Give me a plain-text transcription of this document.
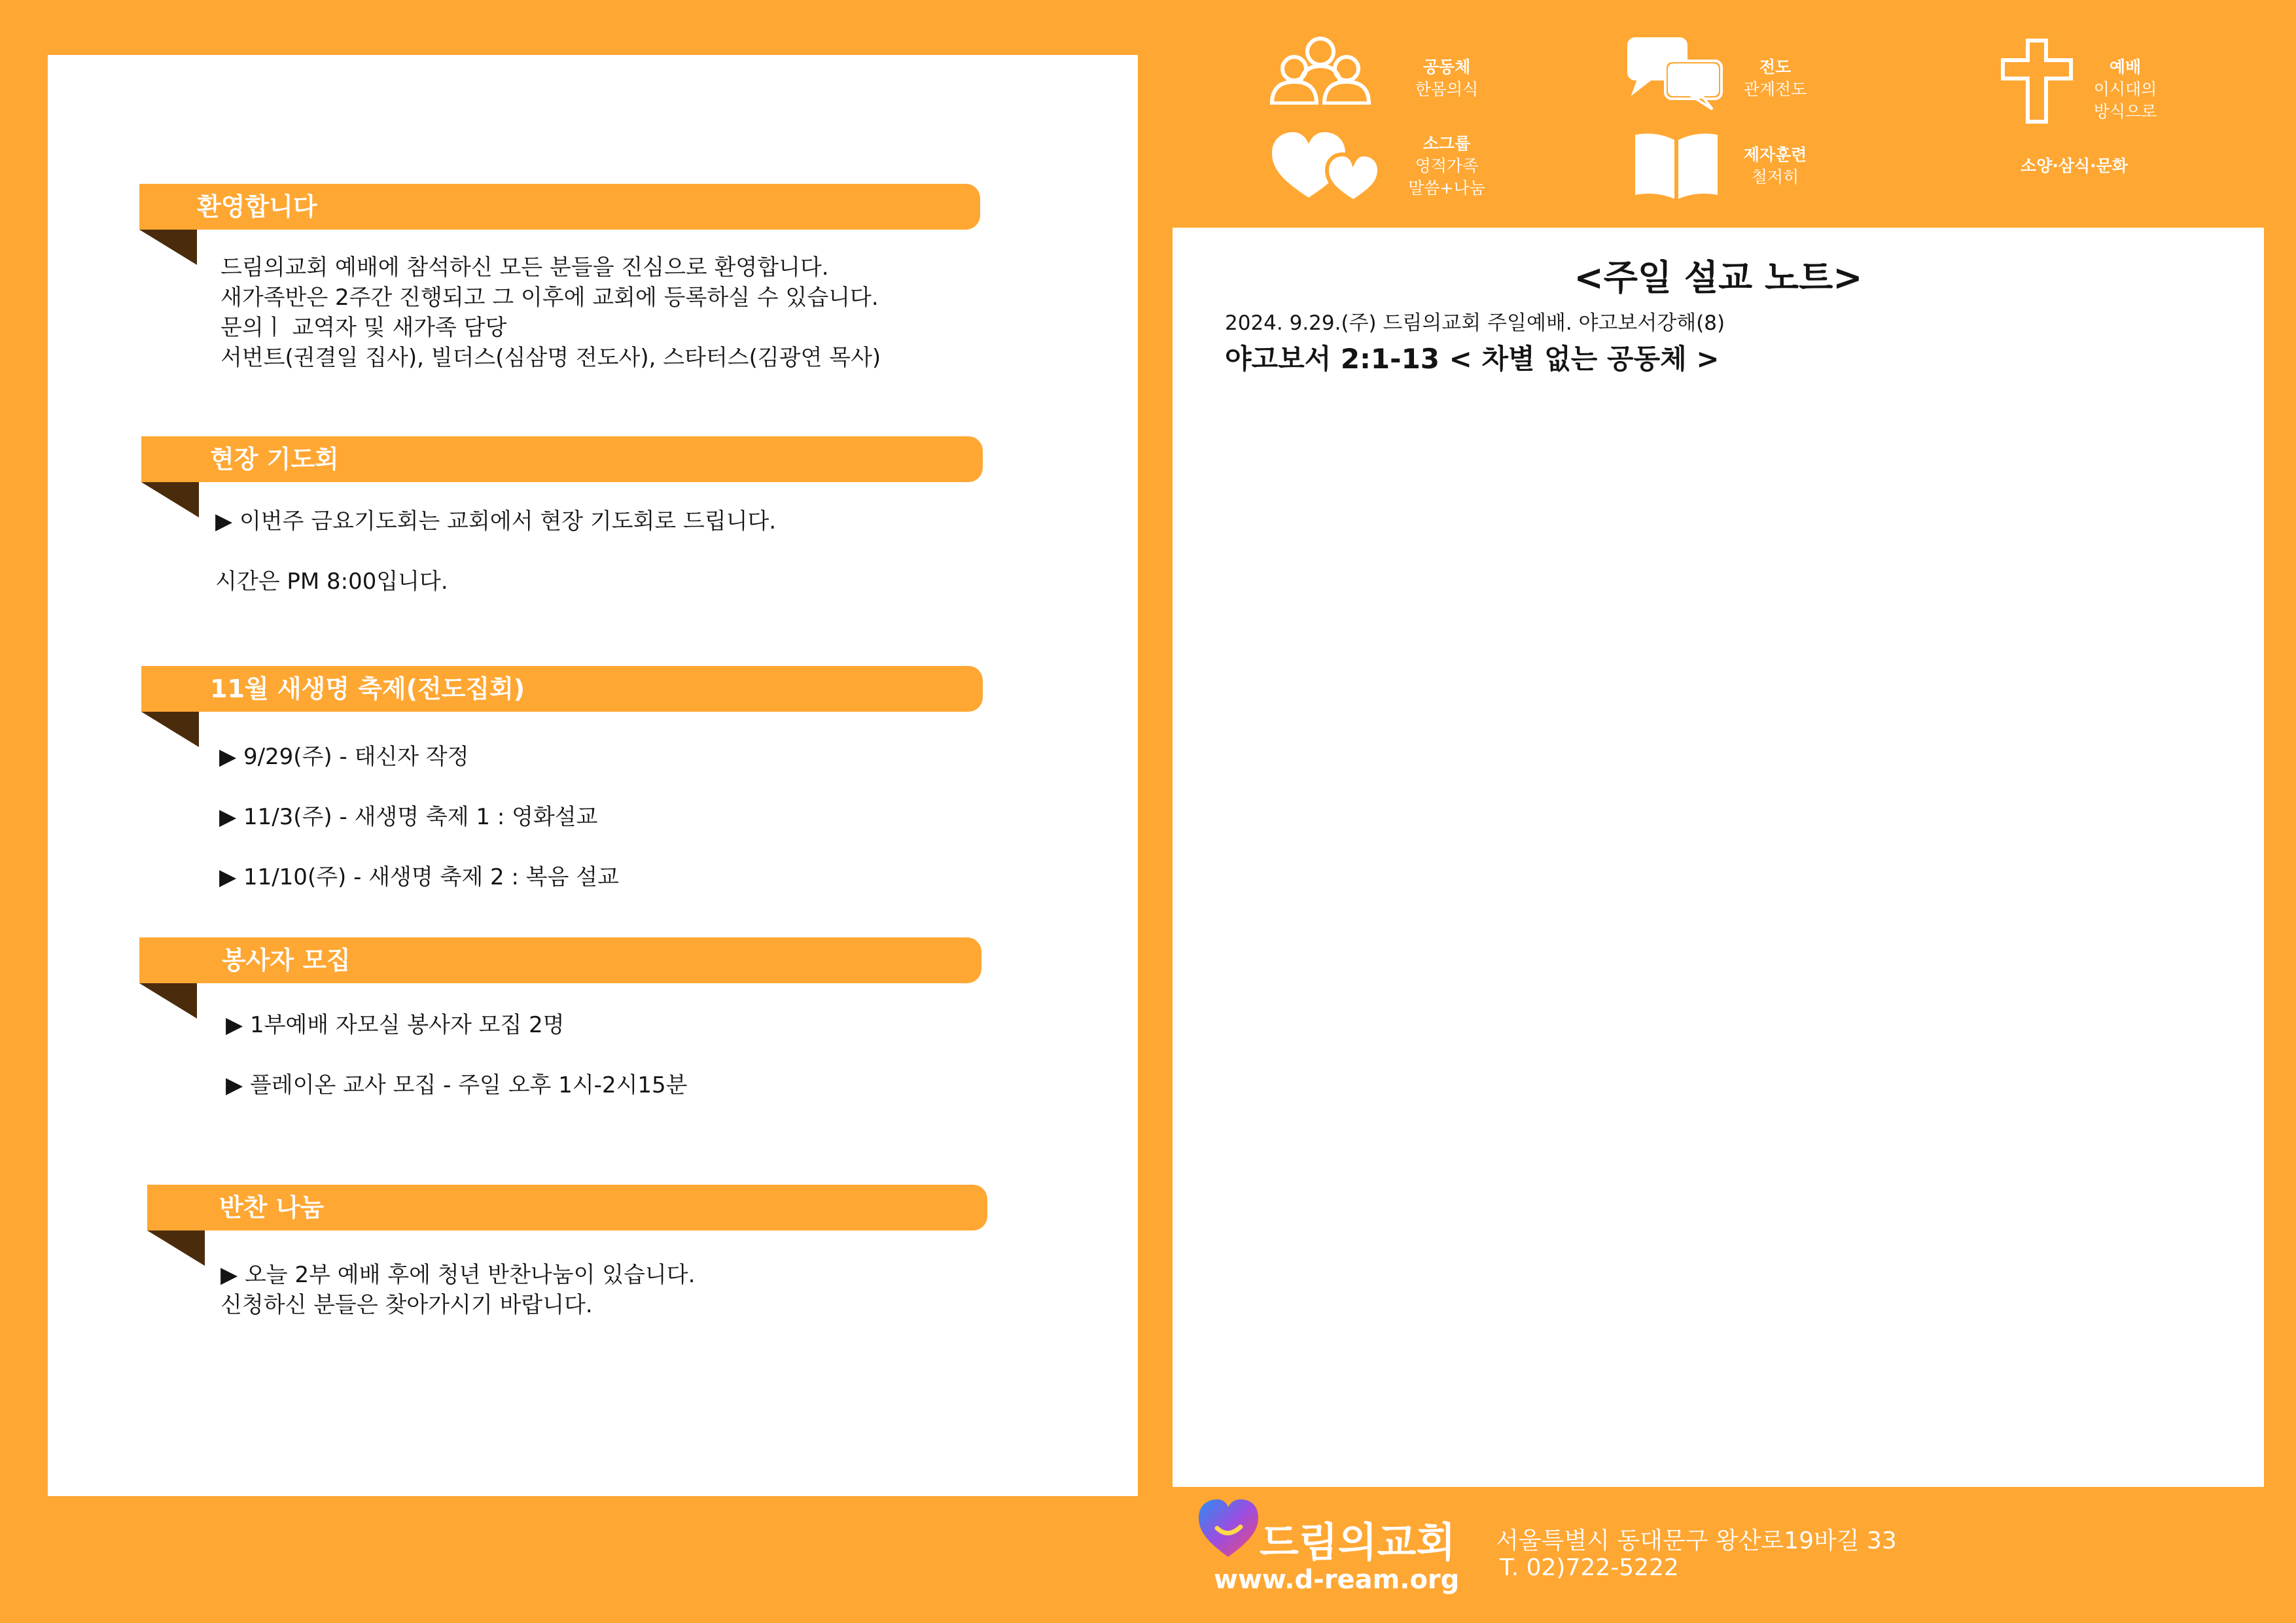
환영합니다
드림의교회 예배에 참석하신 모든 분들을 진심으로 환영합니다.
새가족반은 2주간 진행되고 그 이후에 교회에 등록하실 수 있습니다.
문의ㅣ 교역자 및 새가족 담당
서번트(권결일 집사), 빌더스(심삼명 전도사), 스타터스(김광연 목사)
현장 기도회
▶ 이번주 금요기도회는 교회에서 현장 기도회로 드립니다.
시간은 PM 8:00입니다.
11월 새생명 축제(전도집회)
▶ 9/29(주) - 태신자 작정
▶ 11/3(주) - 새생명 축제 1 : 영화설교
▶ 11/10(주) - 새생명 축제 2 : 복음 설교
봉사자 모집
▶ 1부예배 자모실 봉사자 모집 2명
▶ 플레이온 교사 모집 - 주일 오후 1시-2시15분
반찬 나눔
▶ 오늘 2부 예배 후에 청년 반찬나눔이 있습니다.
신청하신 분들은 찾아가시기 바랍니다.
공동체
한몸의식
전도
관계전도
예배
이시대의
방식으로
소그룹
영적가족
말씀+나눔
제자훈련
철저히
소양·삼식·문화
<주일 설교 노트>
2024. 9.29.(주) 드림의교회 주일예배. 야고보서강해(8)
야고보서 2:1-13 < 차별 없는 공동체 >
드림의교회
www.d-ream.org
서울특별시 동대문구 왕산로19바길 33
T. 02)722-5222
